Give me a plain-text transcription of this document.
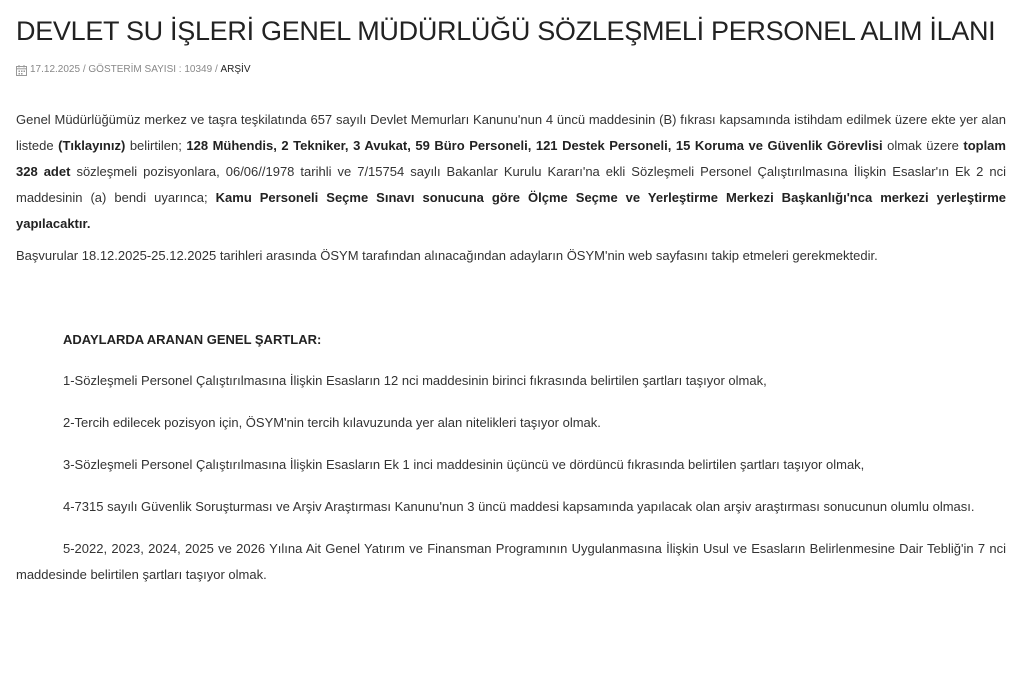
DEVLET SU İŞLERİ GENEL MÜDÜRLÜĞÜ SÖZLEŞMELİ PERSONEL ALIM İLANI
17.12.2025
/
GÖSTERİM SAYISI : 10349
/
ARŞİV

Genel Müdürlüğümüz merkez ve taşra teşkilatında 657 sayılı Devlet Memurları Kanunu'nun 4 üncü maddesinin (B) fıkrası kapsamında istihdam edilmek üzere ekte yer alan listede (Tıklayınız) belirtilen; 128 Mühendis, 2 Tekniker, 3 Avukat, 59 Büro Personeli, 121 Destek Personeli, 15 Koruma ve Güvenlik Görevlisi olmak üzere toplam 328 adet sözleşmeli pozisyonlara, 06/06//1978 tarihli ve 7/15754 sayılı Bakanlar Kurulu Kararı'na ekli Sözleşmeli Personel Çalıştırılmasına İlişkin Esaslar'ın Ek 2 nci maddesinin (a) bendi uyarınca; Kamu Personeli Seçme Sınavı sonucuna göre Ölçme Seçme ve Yerleştirme Merkezi Başkanlığı'nca merkezi yerleştirme yapılacaktır.

Başvurular 18.12.2025-25.12.2025 tarihleri arasında ÖSYM tarafından alınacağından adayların ÖSYM'nin web sayfasını takip etmeleri gerekmektedir.

ADAYLARDA ARANAN GENEL ŞARTLAR:

1-Sözleşmeli Personel Çalıştırılmasına İlişkin Esasların 12 nci maddesinin birinci fıkrasında belirtilen şartları taşıyor olmak,

2-Tercih edilecek pozisyon için, ÖSYM'nin tercih kılavuzunda yer alan nitelikleri taşıyor olmak.

3-Sözleşmeli Personel Çalıştırılmasına İlişkin Esasların Ek 1 inci maddesinin üçüncü ve dördüncü fıkrasında belirtilen şartları taşıyor olmak,

4-7315 sayılı Güvenlik Soruşturması ve Arşiv Araştırması Kanunu'nun 3 üncü maddesi kapsamında yapılacak olan arşiv araştırması sonucunun olumlu olması.

5-2022, 2023, 2024, 2025 ve 2026 Yılına Ait Genel Yatırım ve Finansman Programının Uygulanmasına İlişkin Usul ve Esasların Belirlenmesine Dair Tebliğ'in 7 nci maddesinde belirtilen şartları taşıyor olmak.
